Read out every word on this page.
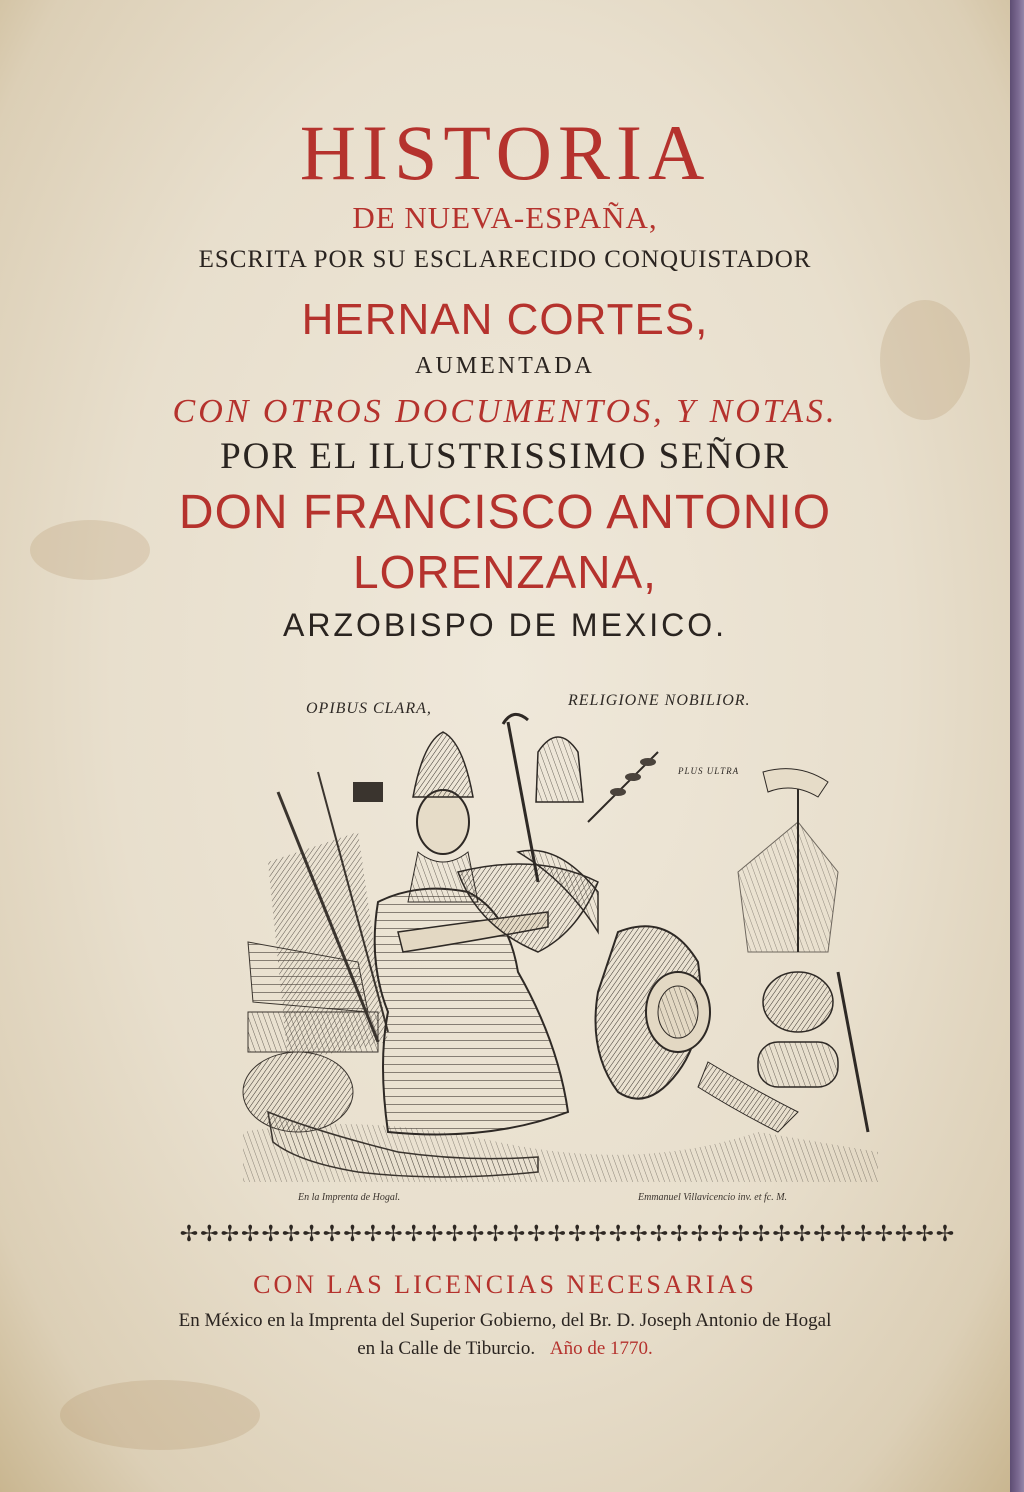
HISTORIA
DE NUEVA-ESPAÑA,
ESCRITA POR SU ESCLARECIDO CONQUISTADOR
HERNAN CORTES,
AUMENTADA
CON OTROS DOCUMENTOS, Y NOTAS.
POR EL ILUSTRISSIMO SEÑOR
DON FRANCISCO ANTONIO
LORENZANA,
ARZOBISPO DE MEXICO.
OPIBUS CLARA,	RELIGIONE NOBILIOR.
PLUS ULTRA
En la Imprenta de Hogal.	Emmanuel Villavicencio inv. et fc. M.
✢✢✢✢✢✢✢✢✢✢✢✢✢✢✢✢✢✢✢✢✢✢✢✢✢✢✢✢✢✢✢✢✢✢✢✢✢✢
CON LAS LICENCIAS NECESARIAS
En México en la Imprenta del Superior Gobierno, del Br. D. Joseph Antonio de Hogal
en la Calle de Tiburcio. Año de 1770.
